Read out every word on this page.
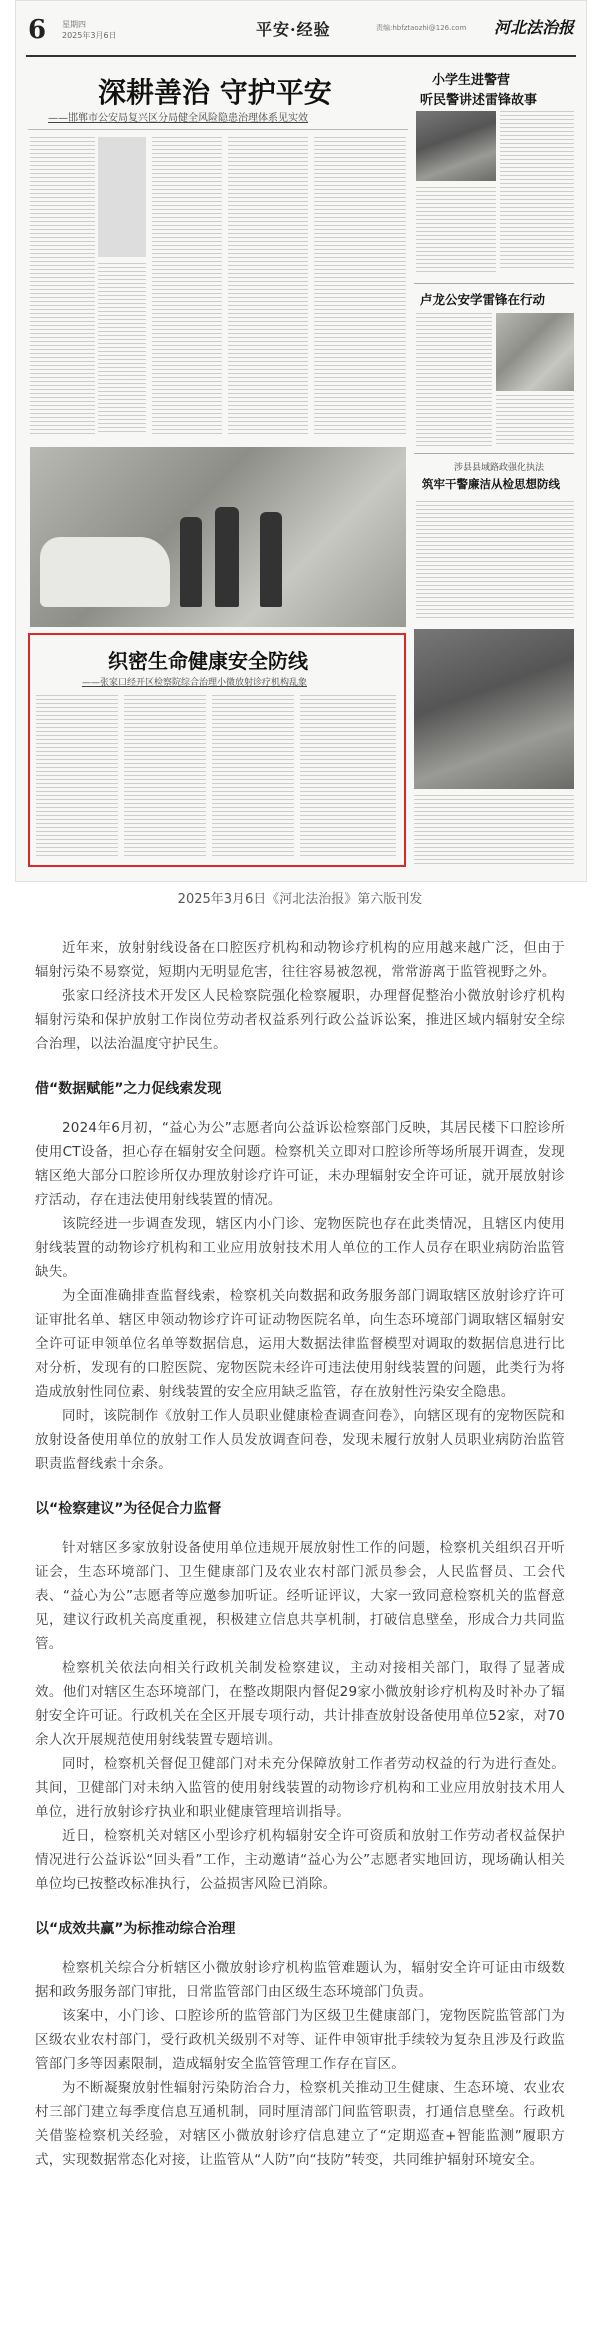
6 星期四
2025年3月6日	平安·经验	责编:hbfztaozhi@126.com 河北法治报
深耕善治 守护平安
——邯郸市公安局复兴区分局健全风险隐患治理体系见实效
小学生进警营
听民警讲述雷锋故事
卢龙公安学雷锋在行动
涉县县域路政强化执法
筑牢干警廉洁从检思想防线
织密生命健康安全防线
——张家口经开区检察院综合治理小微放射诊疗机构乱象
2025年3月6日《河北法治报》第六版刊发

近年来，放射射线设备在口腔医疗机构和动物诊疗机构的应用越来越广泛，但由于辐射污染不易察觉，短期内无明显危害，往往容易被忽视，常常游离于监管视野之外。

张家口经济技术开发区人民检察院强化检察履职，办理督促整治小微放射诊疗机构辐射污染和保护放射工作岗位劳动者权益系列行政公益诉讼案，推进区域内辐射安全综合治理，以法治温度守护民生。

借“数据赋能”之力促线索发现

2024年6月初，“益心为公”志愿者向公益诉讼检察部门反映，其居民楼下口腔诊所使用CT设备，担心存在辐射安全问题。检察机关立即对口腔诊所等场所展开调查，发现辖区绝大部分口腔诊所仅办理放射诊疗许可证，未办理辐射安全许可证，就开展放射诊疗活动，存在违法使用射线装置的情况。

该院经进一步调查发现，辖区内小门诊、宠物医院也存在此类情况，且辖区内使用射线装置的动物诊疗机构和工业应用放射技术用人单位的工作人员存在职业病防治监管缺失。

为全面准确排查监督线索，检察机关向数据和政务服务部门调取辖区放射诊疗许可证审批名单、辖区申领动物诊疗许可证动物医院名单，向生态环境部门调取辖区辐射安全许可证申领单位名单等数据信息，运用大数据法律监督模型对调取的数据信息进行比对分析，发现有的口腔医院、宠物医院未经许可违法使用射线装置的问题，此类行为将造成放射性同位素、射线装置的安全应用缺乏监管，存在放射性污染安全隐患。

同时，该院制作《放射工作人员职业健康检查调查问卷》，向辖区现有的宠物医院和放射设备使用单位的放射工作人员发放调查问卷，发现未履行放射人员职业病防治监管职责监督线索十余条。

以“检察建议”为径促合力监督

针对辖区多家放射设备使用单位违规开展放射性工作的问题，检察机关组织召开听证会，生态环境部门、卫生健康部门及农业农村部门派员参会，人民监督员、工会代表、“益心为公”志愿者等应邀参加听证。经听证评议，大家一致同意检察机关的监督意见，建议行政机关高度重视，积极建立信息共享机制，打破信息壁垒，形成合力共同监管。

检察机关依法向相关行政机关制发检察建议，主动对接相关部门，取得了显著成效。他们对辖区生态环境部门，在整改期限内督促29家小微放射诊疗机构及时补办了辐射安全许可证。行政机关在全区开展专项行动，共计排查放射设备使用单位52家，对70余人次开展规范使用射线装置专题培训。

同时，检察机关督促卫健部门对未充分保障放射工作者劳动权益的行为进行查处。其间，卫健部门对未纳入监管的使用射线装置的动物诊疗机构和工业应用放射技术用人单位，进行放射诊疗执业和职业健康管理培训指导。

近日，检察机关对辖区小型诊疗机构辐射安全许可资质和放射工作劳动者权益保护情况进行公益诉讼“回头看”工作，主动邀请“益心为公”志愿者实地回访，现场确认相关单位均已按整改标准执行，公益损害风险已消除。

以“成效共赢”为标推动综合治理

检察机关综合分析辖区小微放射诊疗机构监管难题认为，辐射安全许可证由市级数据和政务服务部门审批，日常监管部门由区级生态环境部门负责。

该案中，小门诊、口腔诊所的监管部门为区级卫生健康部门，宠物医院监管部门为区级农业农村部门，受行政机关级别不对等、证件申领审批手续较为复杂且涉及行政监管部门多等因素限制，造成辐射安全监管管理工作存在盲区。

为不断凝聚放射性辐射污染防治合力，检察机关推动卫生健康、生态环境、农业农村三部门建立每季度信息互通机制，同时厘清部门间监管职责，打通信息壁垒。行政机关借鉴检察机关经验，对辖区小微放射诊疗信息建立了“定期巡查+智能监测”履职方式，实现数据常态化对接，让监管从“人防”向“技防”转变，共同维护辐射环境安全。
